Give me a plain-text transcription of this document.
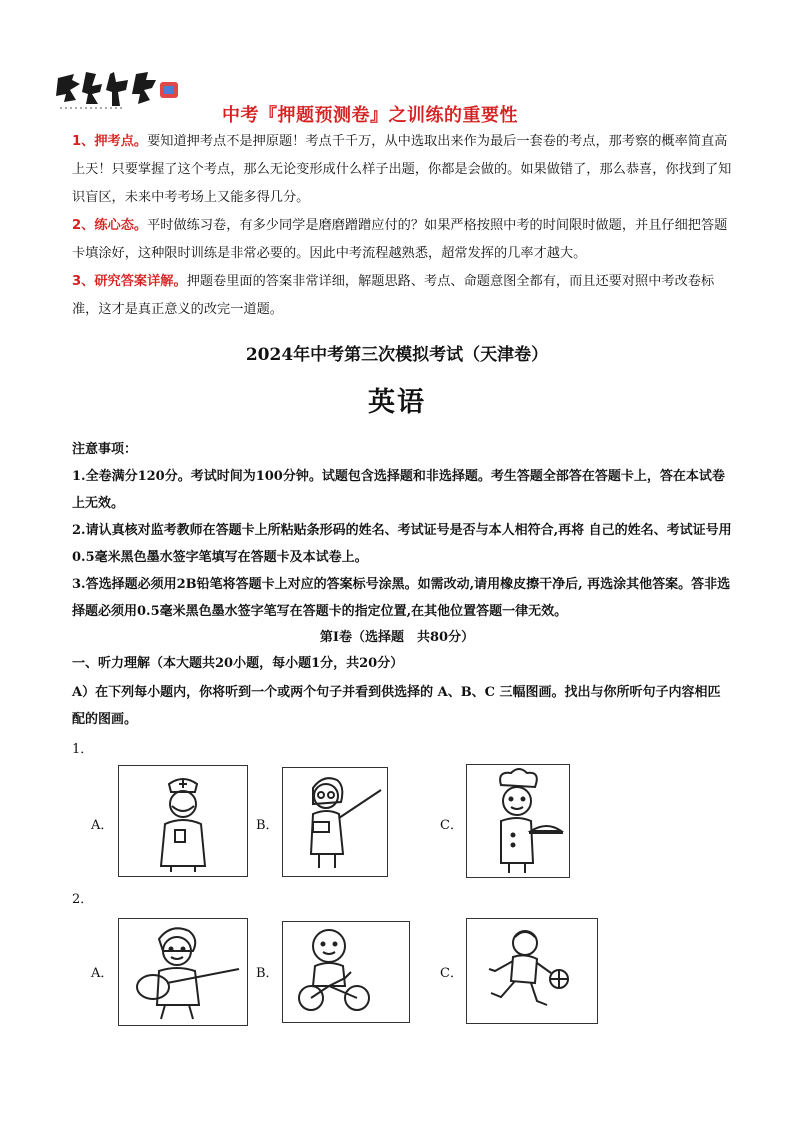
中考『押题预测卷』之训练的重要性

1、押考点。要知道押考点不是押原题！考点千千万，从中选取出来作为最后一套卷的考点，那考察的概率简直高上天！只要掌握了这个考点，那么无论变形成什么样子出题，你都是会做的。如果做错了，那么恭喜，你找到了知识盲区，未来中考考场上又能多得几分。

2、练心态。平时做练习卷，有多少同学是磨磨蹭蹭应付的？如果严格按照中考的时间限时做题，并且仔细把答题卡填涂好，这种限时训练是非常必要的。因此中考流程越熟悉，超常发挥的几率才越大。

3、研究答案详解。押题卷里面的答案非常详细，解题思路、考点、命题意图全都有，而且还要对照中考改卷标准，这才是真正意义的改完一道题。

2024年中考第三次模拟考试（天津卷）
英语

注意事项：

1.全卷满分120分。考试时间为100分钟。试题包含选择题和非选择题。考生答题全部答在答题卡上，答在本试卷上无效。

2.请认真核对监考教师在答题卡上所粘贴条形码的姓名、考试证号是否与本人相符合,再将 自己的姓名、考试证号用0.5毫米黑色墨水签字笔填写在答题卡及本试卷上。

3.答选择题必须用2B铅笔将答题卡上对应的答案标号涂黑。如需改动,请用橡皮擦干净后, 再选涂其他答案。答非选择题必须用0.5毫米黑色墨水签字笔写在答题卡的指定位置,在其他位置答题一律无效。

第I卷（选择题　共80分）
一、听力理解（本大题共20小题，每小题1分，共20分）
A）在下列每小题内，你将听到一个或两个句子并看到供选择的 A、B、C 三幅图画。找出与你所听句子内容相匹配的图画。
1．
A．	B．	C．
2．
A．	B．	C．
